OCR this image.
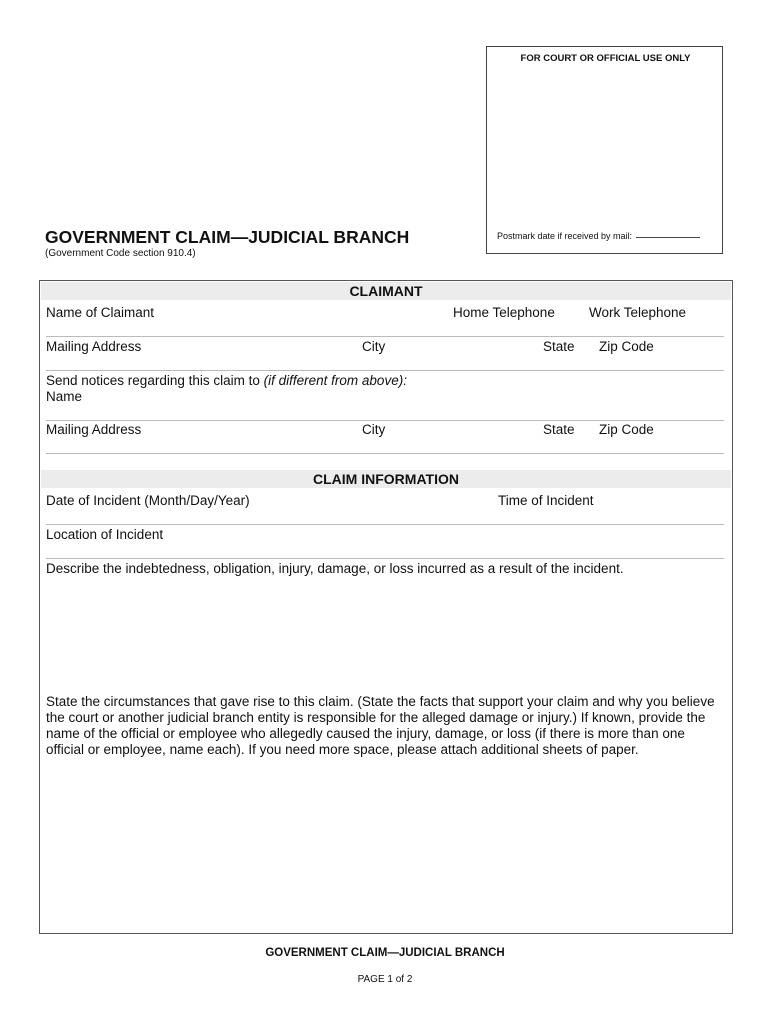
FOR COURT OR OFFICIAL USE ONLY
Postmark date if received by mail:
GOVERNMENT CLAIM—JUDICIAL BRANCH
(Government Code section 910.4)
CLAIMANT
Name of Claimant	Home Telephone	Work Telephone
Mailing Address	City	State Zip Code
Send notices regarding this claim to (if different from above):
Name
Mailing Address	City	State Zip Code
CLAIM INFORMATION
Date of Incident (Month/Day/Year)	Time of Incident
Location of Incident
Describe the indebtedness, obligation, injury, damage, or loss incurred as a result of the incident.
State the circumstances that gave rise to this claim. (State the facts that support your claim and why you believe the court or another judicial branch entity is responsible for the alleged damage or injury.) If known, provide the name of the official or employee who allegedly caused the injury, damage, or loss (if there is more than one official or employee, name each). If you need more space, please attach additional sheets of paper.
GOVERNMENT CLAIM—JUDICIAL BRANCH
PAGE 1 of 2
